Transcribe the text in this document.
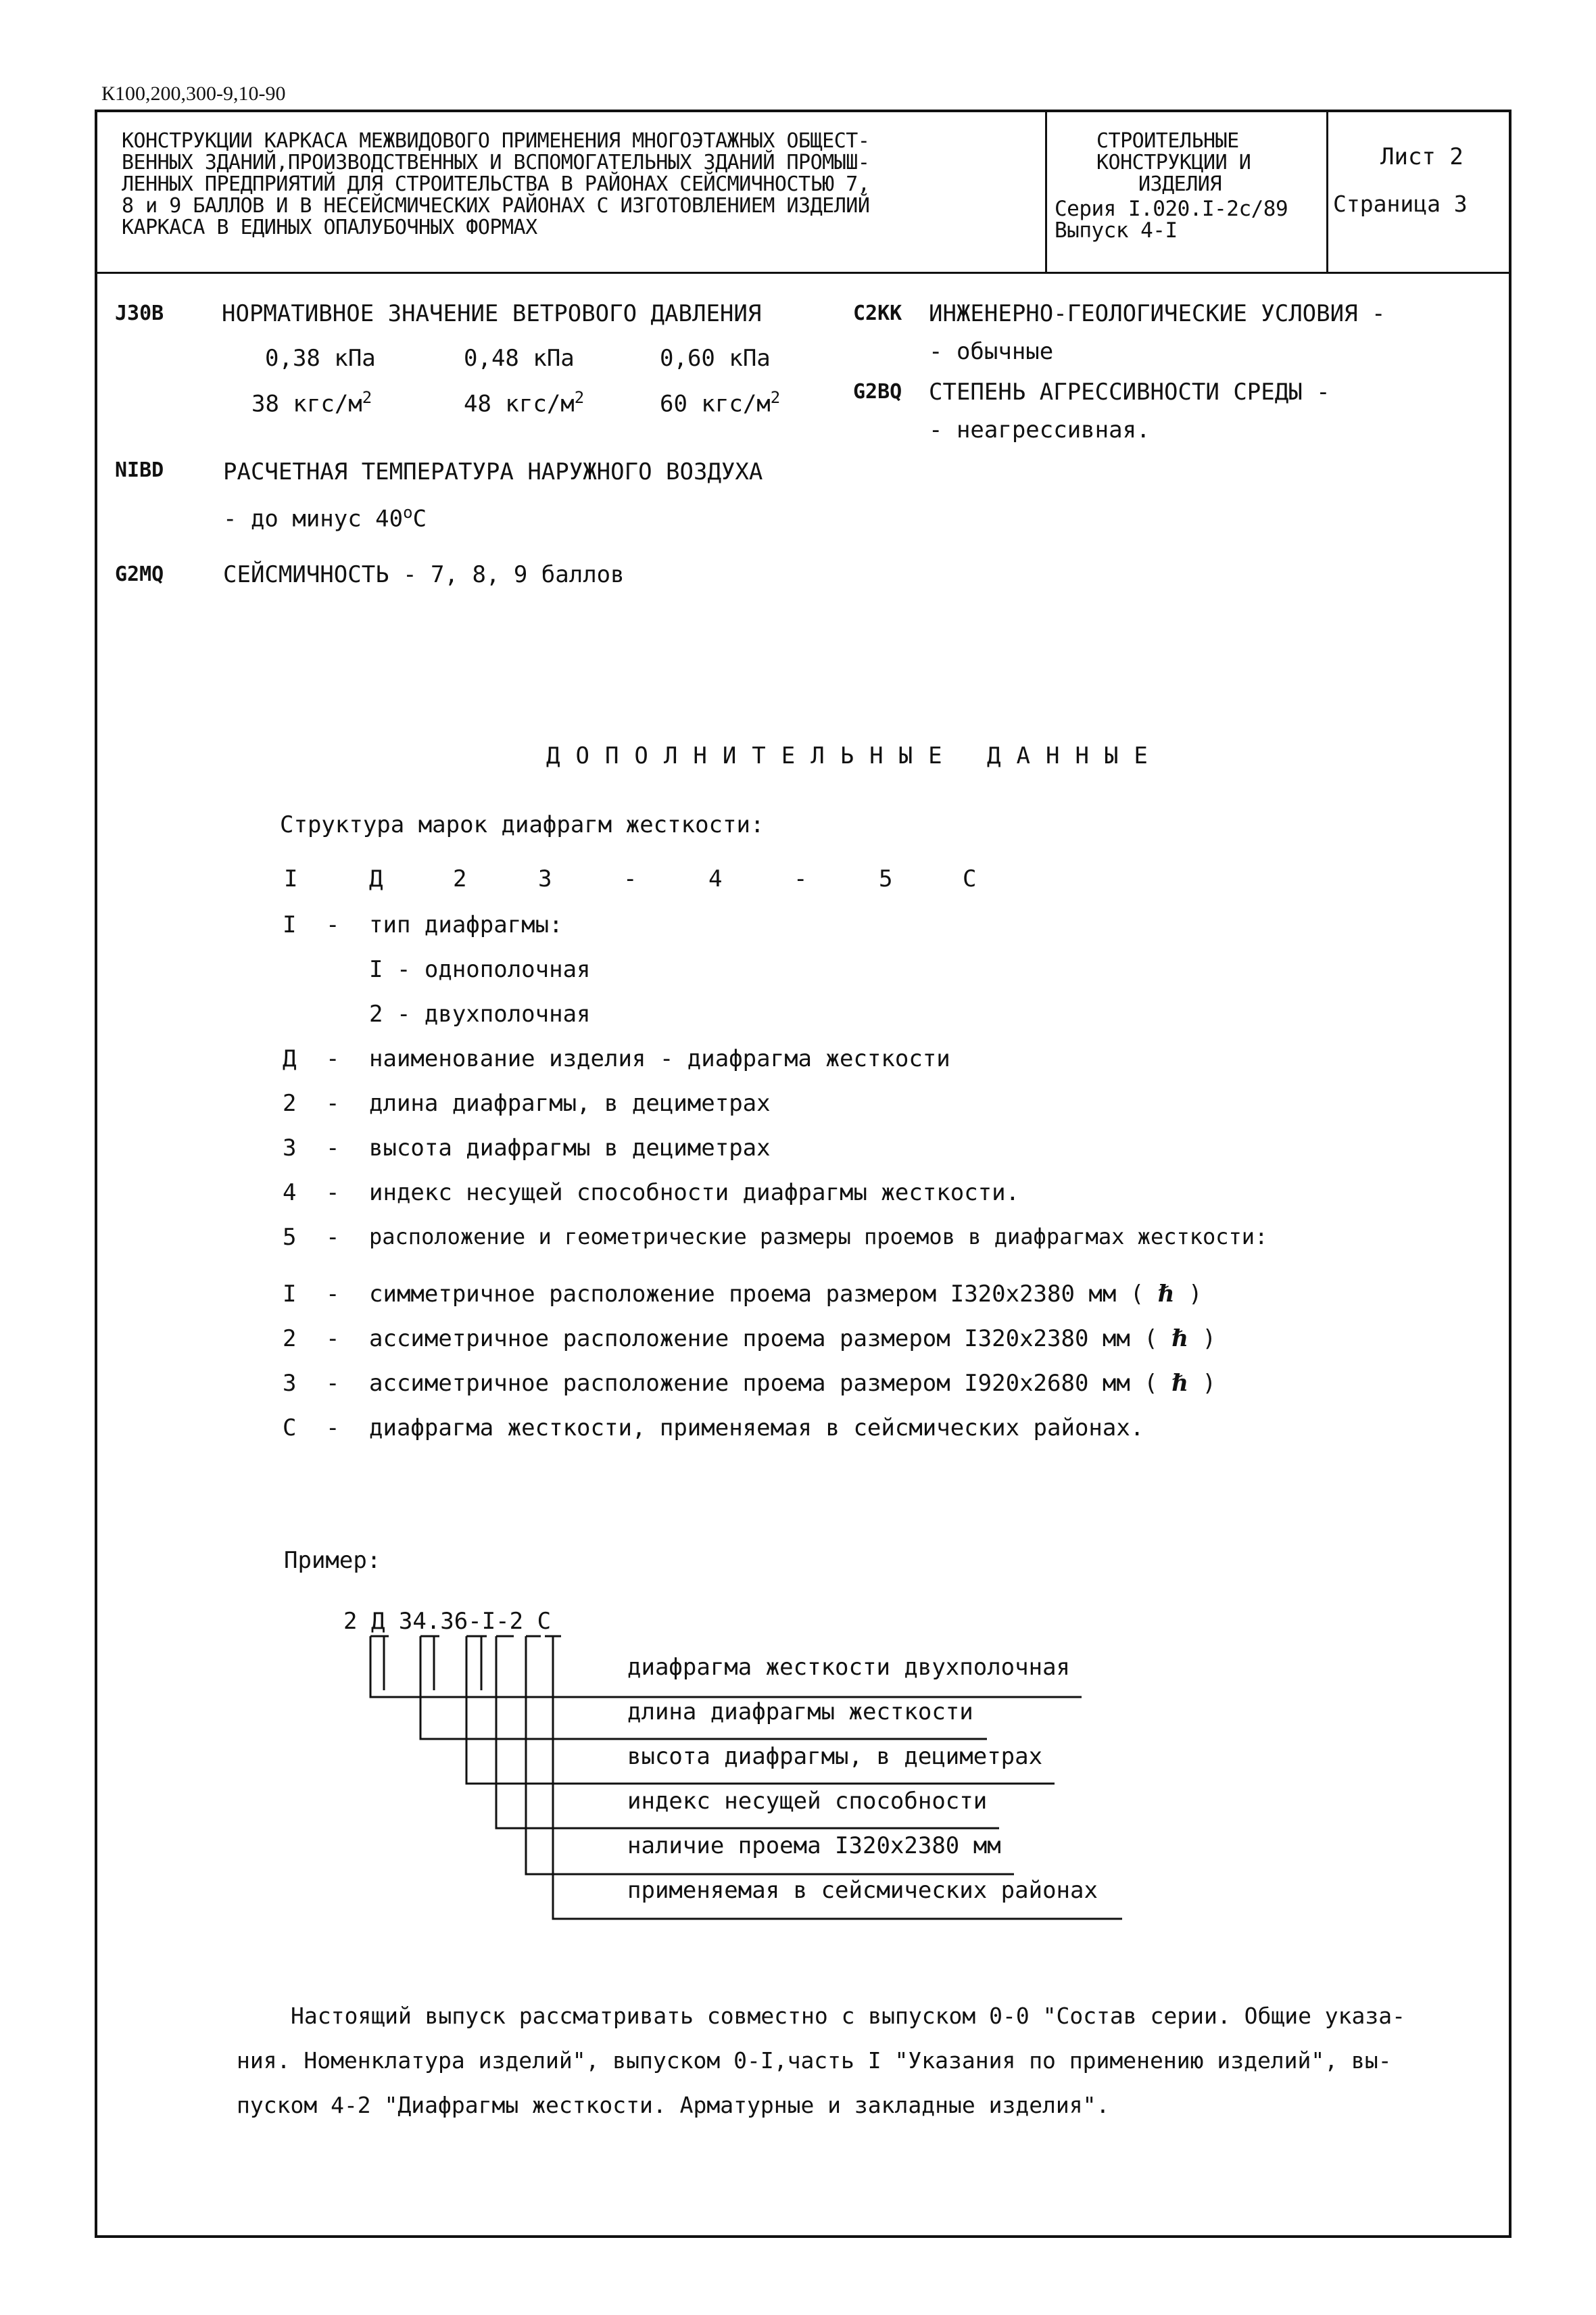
К100,200,300-9,10-90
КОНСТРУКЦИИ КАРКАСА МЕЖВИДОВОГО ПРИМЕНЕНИЯ МНОГОЭТАЖНЫХ ОБЩЕСТ-
ВЕННЫХ ЗДАНИЙ,ПРОИЗВОДСТВЕННЫХ И ВСПОМОГАТЕЛЬНЫХ ЗДАНИЙ ПРОМЫШ-
ЛЕННЫХ ПРЕДПРИЯТИЙ ДЛЯ СТРОИТЕЛЬСТВА В РАЙОНАХ СЕЙСМИЧНОСТЬЮ 7,
8 и 9 БАЛЛОВ И В НЕСЕЙСМИЧЕСКИХ РАЙОНАХ С ИЗГОТОВЛЕНИЕМ ИЗДЕЛИЙ
КАРКАСА В ЕДИНЫХ ОПАЛУБОЧНЫХ ФОРМАХ
СТРОИТЕЛЬНЫЕ
КОНСТРУКЦИИ И
ИЗДЕЛИЯ
Серия I.020.I-2с/89
Выпуск 4-I
Лист 2
Страница 3
J30B	НОРМАТИВНОЕ ЗНАЧЕНИЕ ВЕТРОВОГО ДАВЛЕНИЯ
0,38 кПа	0,48 кПа	0,60 кПа
38 кгс/$м^2$	48 кгс/$м^2$	60 кгс/$м^2$
C2KK ИНЖЕНЕРНО-ГЕОЛОГИЧЕСКИЕ УСЛОВИЯ -
- обычные
G2BQ СТЕПЕНЬ АГРЕССИВНОСТИ СРЕДЫ -
- неагрессивная.
NIBD	РАСЧЕТНАЯ ТЕМПЕРАТУРА НАРУЖНОГО ВОЗДУХА
- до минус $40^оС$
G2MQ	СЕЙСМИЧНОСТЬ - 7, 8, 9 баллов
ДОПОЛНИТЕЛЬНЫЕ ДАННЫЕ
Структура марок диафрагм жесткости:
I	Д	2	3	-	4	-	5	С
I - тип диафрагмы:
I - однополочная
2 - двухполочная
Д - наименование изделия - диафрагма жесткости
2 - длина диафрагмы, в дециметрах
3 - высота диафрагмы в дециметрах
4 - индекс несущей способности диафрагмы жесткости.
5 - расположение и геометрические размеры проемов в диафрагмах жесткости:
I - симметричное расположение проема размером I320х2380 мм ( ℏ )
2 - ассиметричное расположение проема размером I320х2380 мм ( ℏ )
3 - ассиметричное расположение проема размером I920х2680 мм ( ℏ )
С - диафрагма жесткости, применяемая в сейсмических районах.
Пример:
2 Д 34.36-I-2 С
диафрагма жесткости двухполочная
длина диафрагмы жесткости
высота диафрагмы, в дециметрах
индекс несущей способности
наличие проема I320х2380 мм
применяемая в сейсмических районах
Настоящий выпуск рассматривать совместно с выпуском 0-0 "Состав серии. Общие указа-
ния. Номенклатура изделий", выпуском 0-I,часть I "Указания по применению изделий", вы-
пуском 4-2 "Диафрагмы жесткости. Арматурные и закладные изделия".
